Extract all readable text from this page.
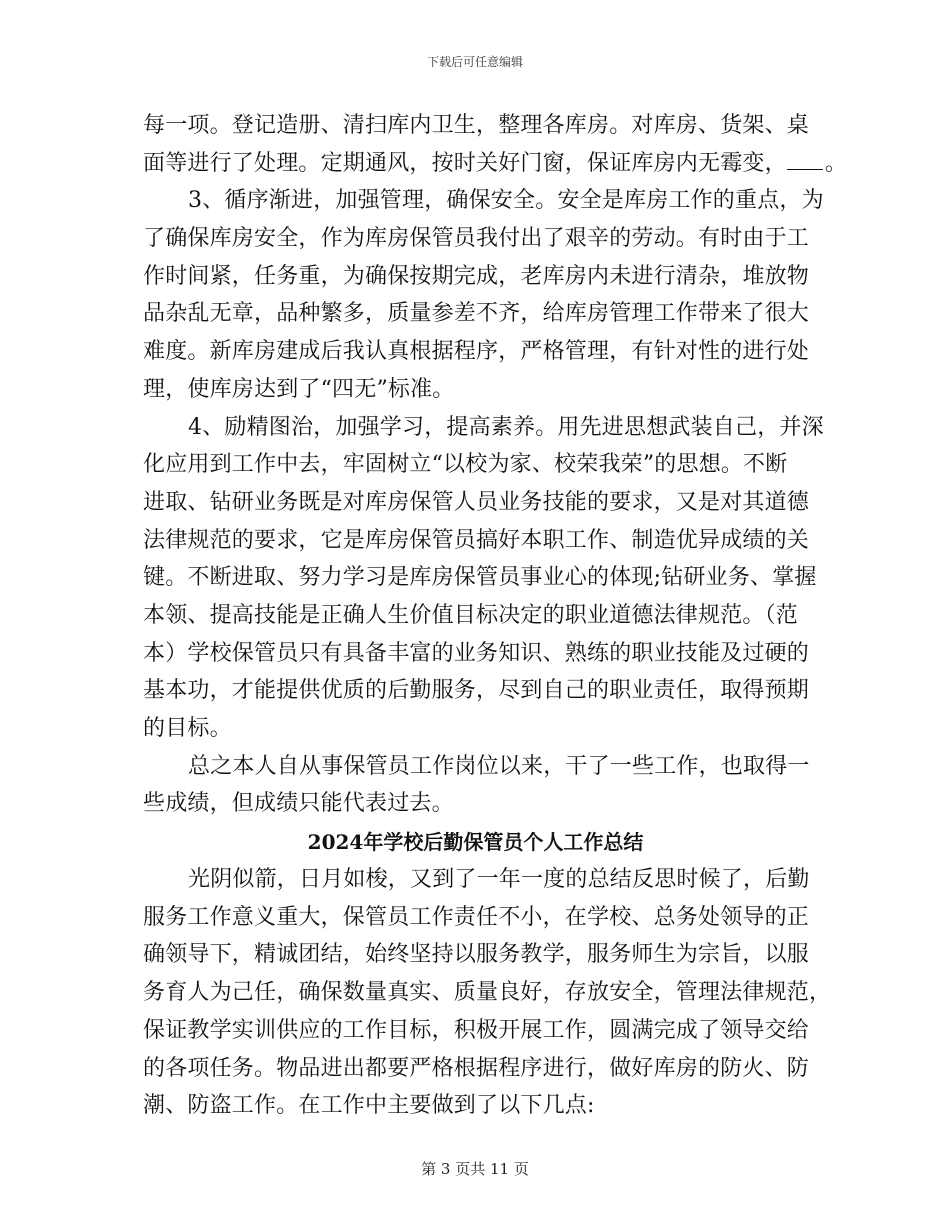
下载后可任意编辑
每一项。登记造册、清扫库内卫生，整理各库房。对库房、货架、桌
面等进行了处理。定期通风，按时关好门窗，保证库房内无霉变， 。
3、循序渐进，加强管理，确保安全。安全是库房工作的重点，为
了确保库房安全，作为库房保管员我付出了艰辛的劳动。有时由于工
作时间紧，任务重，为确保按期完成，老库房内未进行清杂，堆放物
品杂乱无章，品种繁多，质量参差不齐，给库房管理工作带来了很大
难度。新库房建成后我认真根据程序，严格管理，有针对性的进行处
理，使库房达到了“四无”标准。
4、励精图治，加强学习，提高素养。用先进思想武装自己，并深
化应用到工作中去，牢固树立“以校为家、校荣我荣”的思想。不断
进取、钻研业务既是对库房保管人员业务技能的要求，又是对其道德
法律规范的要求，它是库房保管员搞好本职工作、制造优异成绩的关
键。不断进取、努力学习是库房保管员事业心的体现;钻研业务、掌握
本领、提高技能是正确人生价值目标决定的职业道德法律规范。（范
本）学校保管员只有具备丰富的业务知识、熟练的职业技能及过硬的
基本功，才能提供优质的后勤服务，尽到自己的职业责任，取得预期
的目标。
总之本人自从事保管员工作岗位以来，干了一些工作，也取得一
些成绩，但成绩只能代表过去。
2024年学校后勤保管员个人工作总结
光阴似箭，日月如梭，又到了一年一度的总结反思时候了，后勤
服务工作意义重大，保管员工作责任不小，在学校、总务处领导的正
确领导下，精诚团结，始终坚持以服务教学，服务师生为宗旨，以服
务育人为己任，确保数量真实、质量良好，存放安全，管理法律规范，
保证教学实训供应的工作目标，积极开展工作，圆满完成了领导交给
的各项任务。物品进出都要严格根据程序进行，做好库房的防火、防
潮、防盗工作。在工作中主要做到了以下几点:
第 3 页共 11 页
